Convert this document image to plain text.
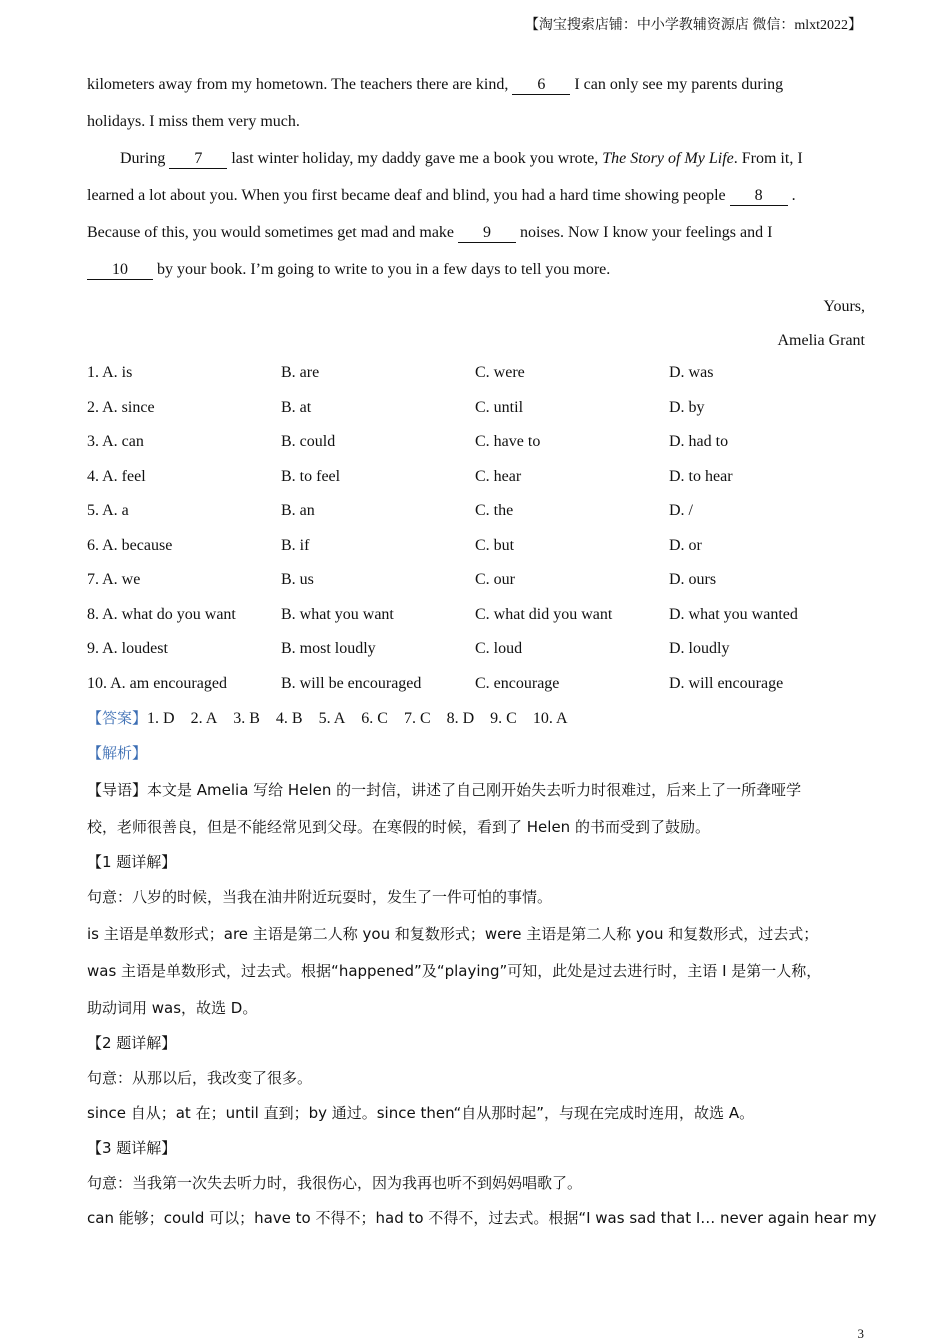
【淘宝搜索店铺：中小学教辅资源店 微信：mlxt2022】
kilometers away from my hometown. The teachers there are kind, 6 I can only see my parents during
holidays. I miss them very much.
During 7 last winter holiday, my daddy gave me a book you wrote, The Story of My Life. From it, I
learned a lot about you. When you first became deaf and blind, you had a hard time showing people 8 .
Because of this, you would sometimes get mad and make 9 noises. Now I know your feelings and I
10 by your book. I’m going to write to you in a few days to tell you more.
Yours,
Amelia Grant
1. A. is	B. are	C. were	D. was
2. A. since	B. at	C. until	D. by
3. A. can	B. could	C. have to	D. had to
4. A. feel	B. to feel	C. hear	D. to hear
5. A. a	B. an	C. the	D. /
6. A. because	B. if	C. but	D. or
7. A. we	B. us	C. our	D. ours
8. A. what do you want	B. what you want	C. what did you want	D. what you wanted
9. A. loudest	B. most loudly	C. loud	D. loudly
10. A. am encouraged	B. will be encouraged	C. encourage	D. will encourage
【答案】1. D 2. A 3. B 4. B 5. A 6. C 7. C 8. D 9. C 10. A
【解析】
【导语】本文是 Amelia 写给 Helen 的一封信，讲述了自己刚开始失去听力时很难过，后来上了一所聋哑学
校，老师很善良，但是不能经常见到父母。在寒假的时候，看到了 Helen 的书而受到了鼓励。
【1 题详解】
句意：八岁的时候，当我在油井附近玩耍时，发生了一件可怕的事情。
is 主语是单数形式；are 主语是第二人称 you 和复数形式；were 主语是第二人称 you 和复数形式，过去式；
was 主语是单数形式，过去式。根据“happened”及“playing”可知，此处是过去进行时，主语 I 是第一人称，
助动词用 was，故选 D。
【2 题详解】
句意：从那以后，我改变了很多。
since 自从；at 在；until 直到；by 通过。since then“自从那时起”，与现在完成时连用，故选 A。
【3 题详解】
句意：当我第一次失去听力时，我很伤心，因为我再也听不到妈妈唱歌了。
can 能够；could 可以；have to 不得不；had to 不得不，过去式。根据“I was sad that I… never again hear my
3
